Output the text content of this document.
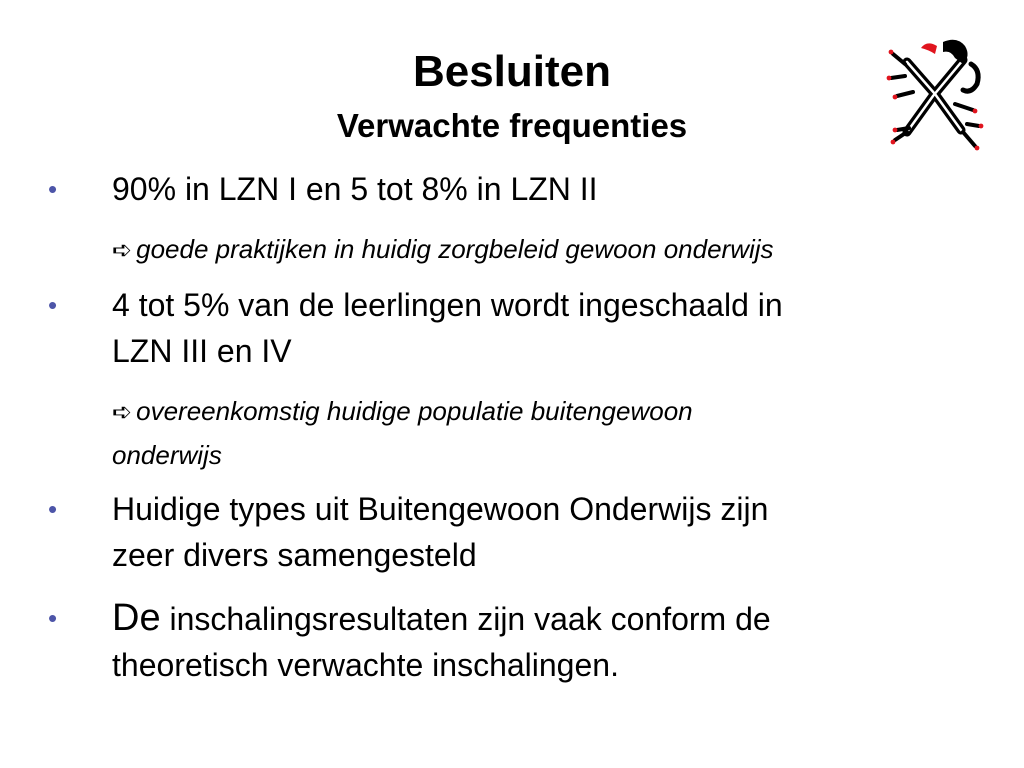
Besluiten
Verwachte frequenties
• 90% in LZN I en 5 tot 8% in LZN II
➪ goede praktijken in huidig zorgbeleid gewoon onderwijs
• 4 tot 5% van de leerlingen wordt ingeschaald in
LZN III en IV
➪ overeenkomstig huidige populatie buitengewoon
onderwijs
• Huidige types uit Buitengewoon Onderwijs zijn
zeer divers samengesteld
• De inschalingsresultaten zijn vaak conform de
theoretisch verwachte inschalingen.
